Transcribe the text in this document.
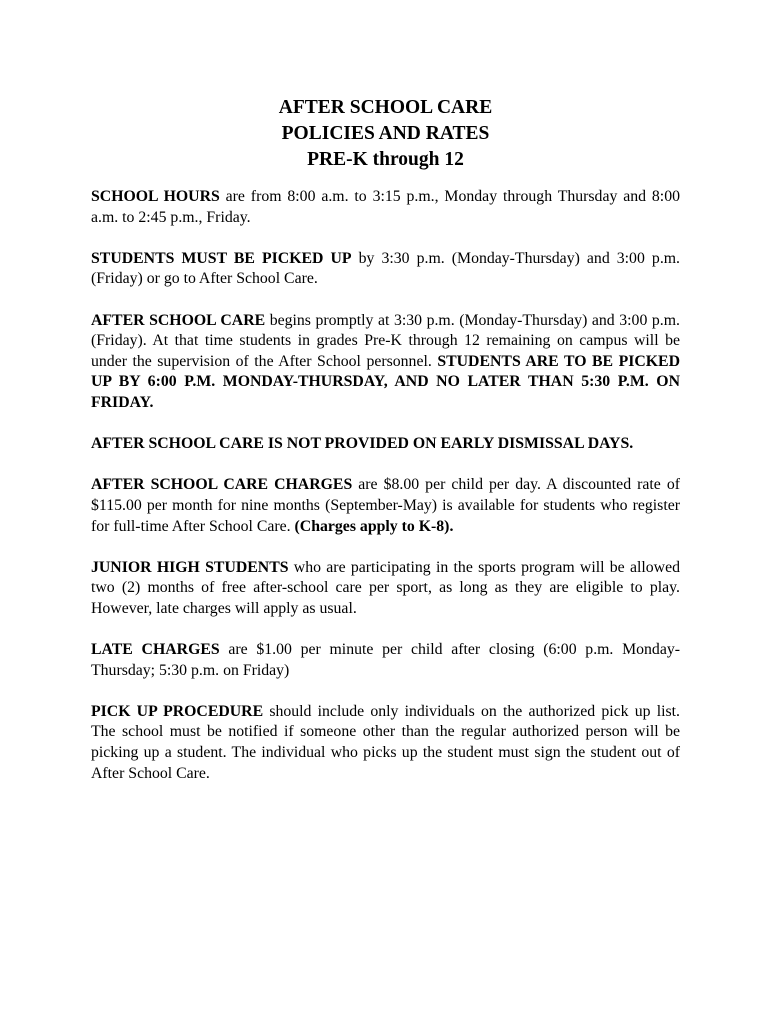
AFTER SCHOOL CARE
POLICIES AND RATES
PRE-K through 12

SCHOOL HOURS are from 8:00 a.m. to 3:15 p.m., Monday through Thursday and 8:00 a.m. to 2:45 p.m., Friday.

STUDENTS MUST BE PICKED UP by 3:30 p.m. (Monday-Thursday) and 3:00 p.m. (Friday) or go to After School Care.

AFTER SCHOOL CARE begins promptly at 3:30 p.m. (Monday-Thursday) and 3:00 p.m. (Friday). At that time students in grades Pre-K through 12 remaining on campus will be under the supervision of the After School personnel. STUDENTS ARE TO BE PICKED UP BY 6:00 P.M. MONDAY-THURSDAY, AND NO LATER THAN 5:30 P.M. ON FRIDAY.

AFTER SCHOOL CARE IS NOT PROVIDED ON EARLY DISMISSAL DAYS.

AFTER SCHOOL CARE CHARGES are $8.00 per child per day. A discounted rate of $115.00 per month for nine months (September-May) is available for students who register for full-time After School Care. (Charges apply to K-8).

JUNIOR HIGH STUDENTS who are participating in the sports program will be allowed two (2) months of free after-school care per sport, as long as they are eligible to play. However, late charges will apply as usual.

LATE CHARGES are $1.00 per minute per child after closing (6:00 p.m. Monday-Thursday; 5:30 p.m. on Friday)

PICK UP PROCEDURE should include only individuals on the authorized pick up list. The school must be notified if someone other than the regular authorized person will be picking up a student. The individual who picks up the student must sign the student out of After School Care.
